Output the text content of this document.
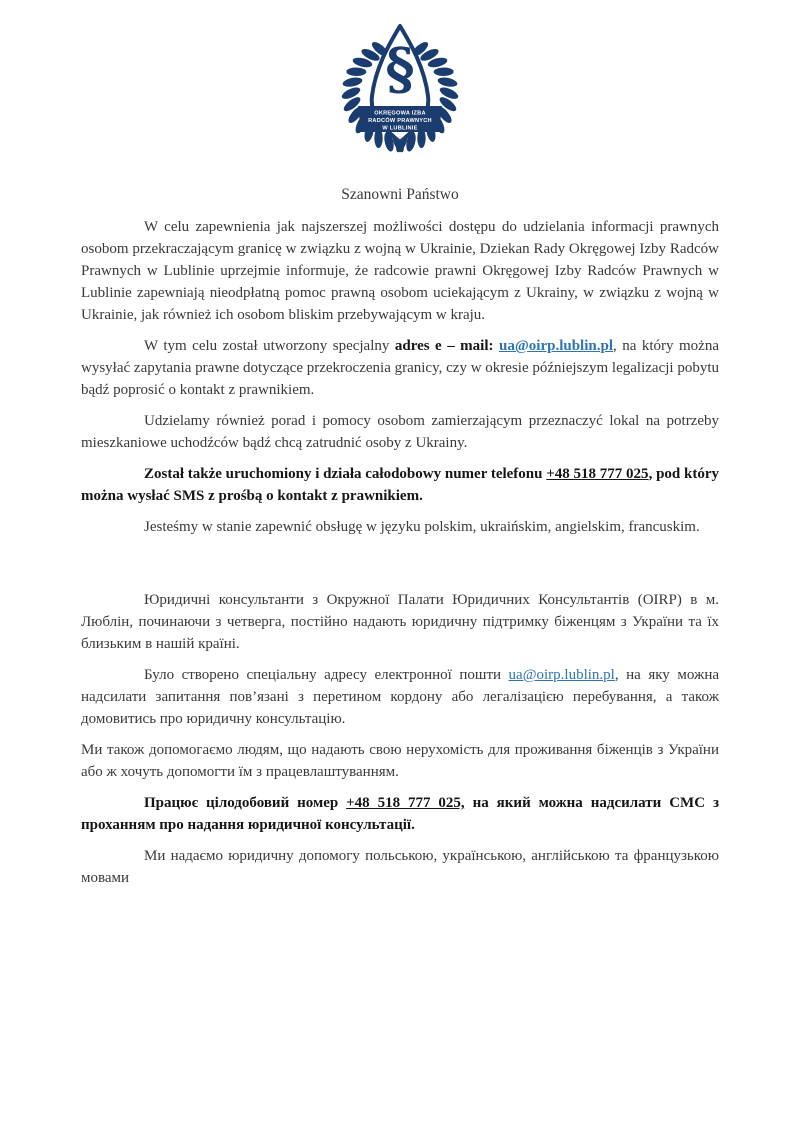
§
OKRĘGOWA IZBA
RADCÓW PRAWNYCH
W LUBLINIE
Szanowni Państwo

W celu zapewnienia jak najszerszej możliwości dostępu do udzielania informacji prawnych osobom przekraczającym granicę w związku z wojną w Ukrainie, Dziekan Rady Okręgowej Izby Radców Prawnych w Lublinie uprzejmie informuje, że radcowie prawni Okręgowej Izby Radców Prawnych w Lublinie zapewniają nieodpłatną pomoc prawną osobom uciekającym z Ukrainy, w związku z wojną w Ukrainie, jak również ich osobom bliskim przebywającym w kraju.

W tym celu został utworzony specjalny adres e – mail: ua@oirp.lublin.pl, na który można wysyłać zapytania prawne dotyczące przekroczenia granicy, czy w okresie późniejszym legalizacji pobytu bądź poprosić o kontakt z prawnikiem.

Udzielamy również porad i pomocy osobom zamierzającym przeznaczyć lokal na potrzeby mieszkaniowe uchodźców bądź chcą zatrudnić osoby z Ukrainy.

Został także uruchomiony i działa całodobowy numer telefonu +48 518 777 025, pod który można wysłać SMS z prośbą o kontakt z prawnikiem.

Jesteśmy w stanie zapewnić obsługę w języku polskim, ukraińskim, angielskim, francuskim.

Юридичні консультанти з Окружної Палати Юридичних Консультантів (OIRP) в м. Люблін, починаючи з четверга, постійно надають юридичну підтримку біженцям з України та їх близьким в нашій країні.

Було створено спеціальну адресу електронної пошти ua@oirp.lublin.pl, на яку можна надсилати запитання пов’язані з перетином кордону або легалізацією перебування, а також домовитись про юридичну консультацію.

Ми також допомогаємо людям, що надають свою нерухомість для проживання біженців з України або ж хочуть допомогти їм з працевлаштуванням.

Працює цілодобовий номер +48 518 777 025, на який можна надсилати СМС з проханням про надання юридичної консультації.

Ми надаємо юридичну допомогу польською, українською, англійською та французькою мовами
